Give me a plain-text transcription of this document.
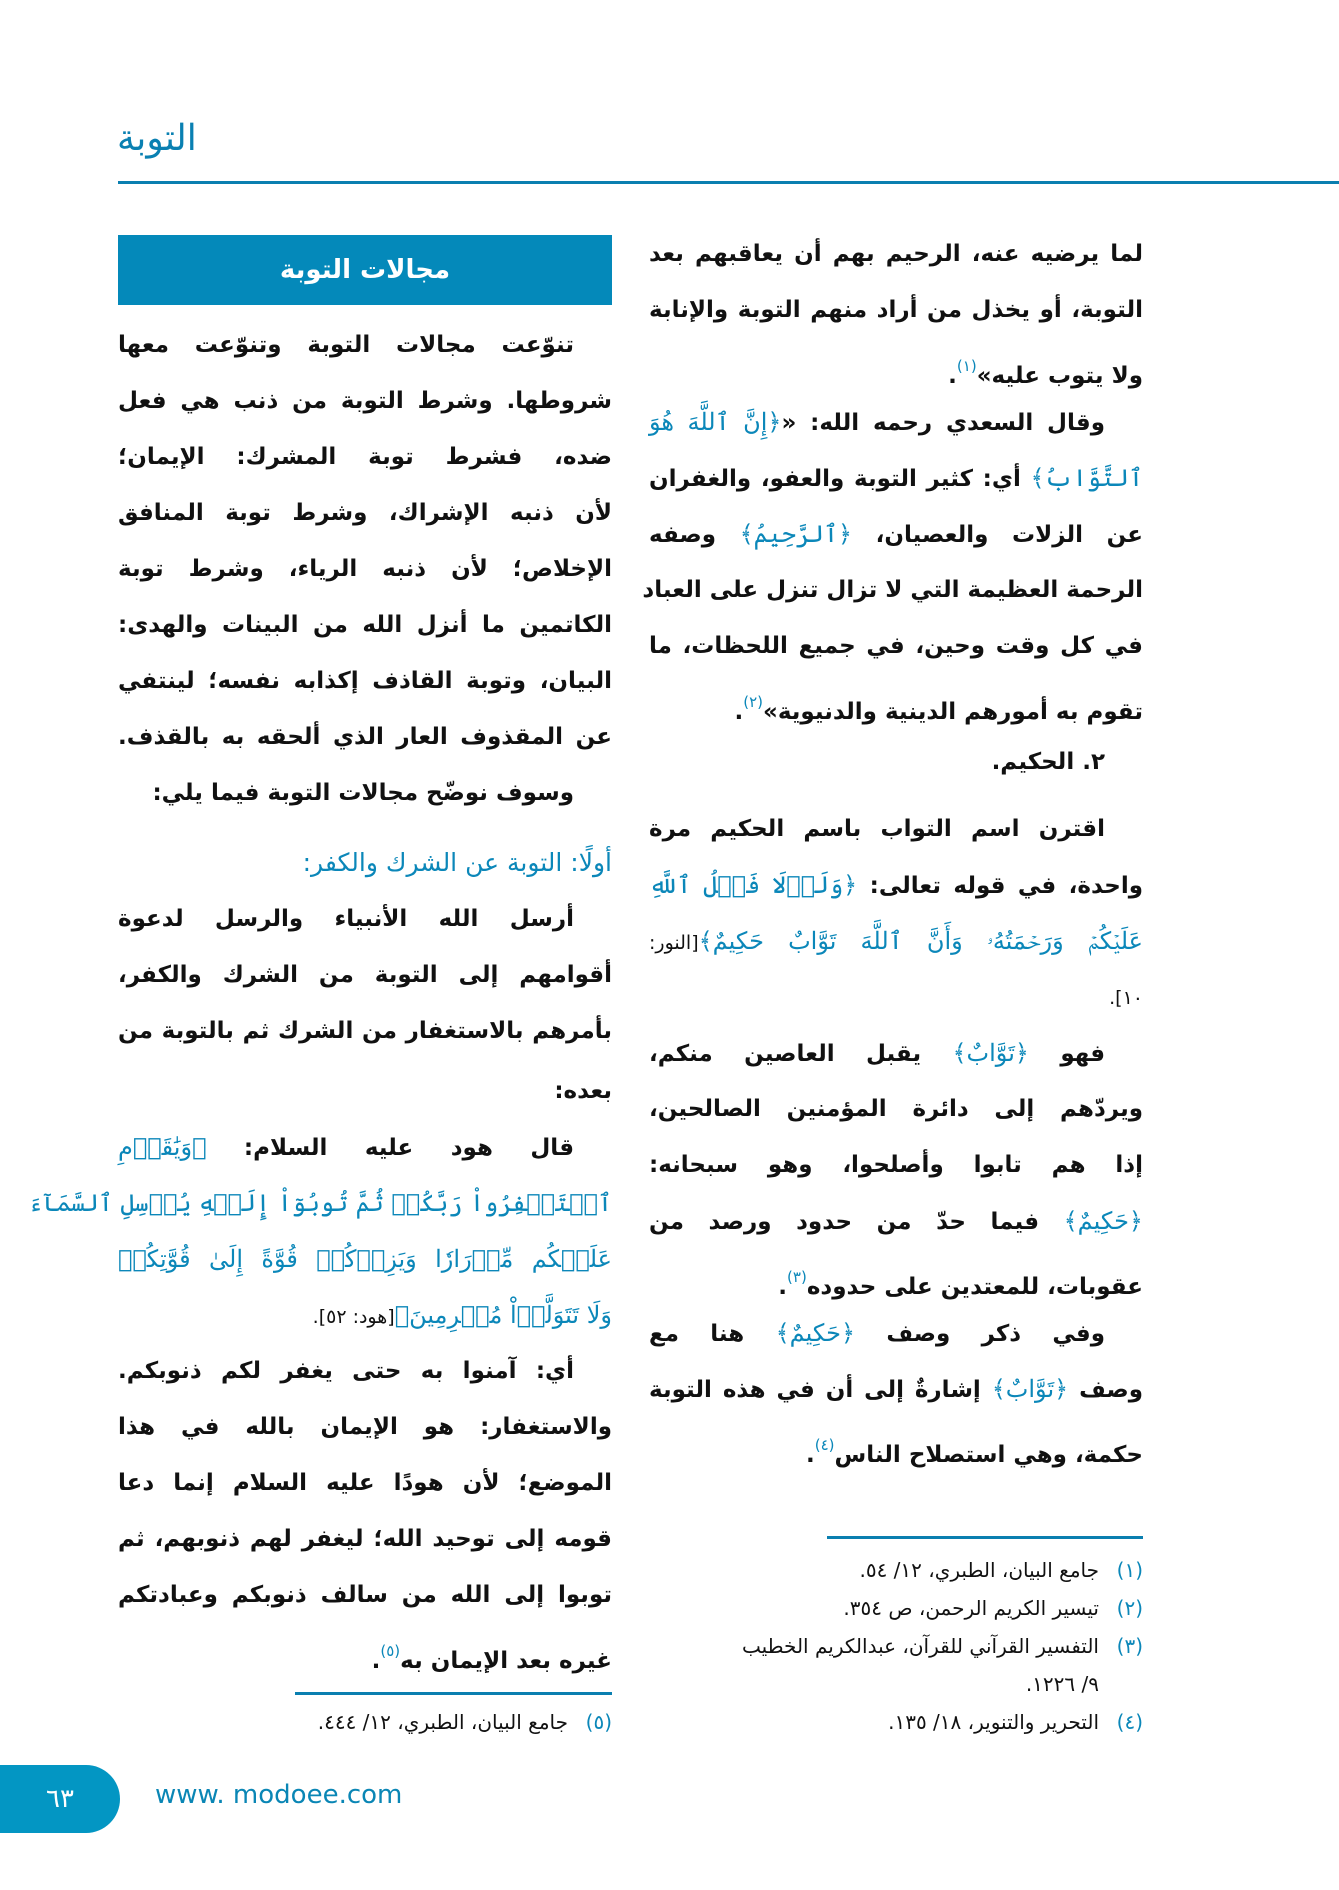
التوبة
مجالات التوبة
تنوّعت مجالات التوبة وتنوّعت معها
شروطها. وشرط التوبة من ذنب هي فعل
ضده، فشرط توبة المشرك: الإيمان؛
لأن ذنبه الإشراك، وشرط توبة المنافق
الإخلاص؛ لأن ذنبه الرياء، وشرط توبة
الكاتمين ما أنزل الله من البينات والهدى:
البيان، وتوبة القاذف إكذابه نفسه؛ لينتفي
عن المقذوف العار الذي ألحقه به بالقذف.
وسوف نوضّح مجالات التوبة فيما يلي:
أولًا: التوبة عن الشرك والكفر:
أرسل الله الأنبياء والرسل لدعوة
أقوامهم إلى التوبة من الشرك والكفر،
بأمرهم بالاستغفار من الشرك ثم بالتوبة من
بعده:
قال هود عليه السلام: ﴿وَيَٰقَوۡمِ
ٱسۡتَغۡفِرُواْ رَبَّكُمۡ ثُمَّ تُوبُوٓاْ إِلَيۡهِ يُرۡسِلِ ٱلسَّمَآءَ
عَلَيۡكُم مِّدۡرَارٗا وَيَزِدۡكُمۡ قُوَّةً إِلَىٰ قُوَّتِكُمۡ
وَلَا تَتَوَلَّوۡاْ مُجۡرِمِينَ﴾[هود: ٥٢].
أي: آمنوا به حتى يغفر لكم ذنوبكم.
والاستغفار: هو الإيمان بالله في هذا
الموضع؛ لأن هودًا عليه السلام إنما دعا
قومه إلى توحيد الله؛ ليغفر لهم ذنوبهم، ثم
توبوا إلى الله من سالف ذنوبكم وعبادتكم
غيره بعد الإيمان به$^{(٥)}$.
لما يرضيه عنه، الرحيم بهم أن يعاقبهم بعد
التوبة، أو يخذل من أراد منهم التوبة والإنابة
ولا يتوب عليه»$^{(١)}$.
وقال السعدي رحمه الله: «﴿إِنَّ ٱللَّهَ هُوَ
ٱلتَّوَّابُ﴾ أي: كثير التوبة والعفو، والغفران
عن الزلات والعصيان، ﴿ٱلرَّحِيمُ﴾ وصفه
الرحمة العظيمة التي لا تزال تنزل على العباد
في كل وقت وحين، في جميع اللحظات، ما
تقوم به أمورهم الدينية والدنيوية»$^{(٢)}$.
٢. الحكيم.
اقترن اسم التواب باسم الحكيم مرة
واحدة، في قوله تعالى: ﴿وَلَوۡلَا فَضۡلُ ٱللَّهِ
عَلَيۡكُمۡ وَرَحۡمَتُهُۥ وَأَنَّ ٱللَّهَ تَوَّابٌ حَكِيمٌ﴾[النور:
١٠].
فهو ﴿تَوَّابٌ﴾ يقبل العاصين منكم،
ويردّهم إلى دائرة المؤمنين الصالحين،
إذا هم تابوا وأصلحوا، وهو سبحانه:
﴿حَكِيمٌ﴾ فيما حدّ من حدود ورصد من
عقوبات، للمعتدين على حدوده$^{(٣)}$.
وفي ذكر وصف ﴿حَكِيمٌ﴾ هنا مع
وصف ﴿تَوَّابٌ﴾ إشارةٌ إلى أن في هذه التوبة
حكمة، وهي استصلاح الناس$^{(٤)}$.
(١)جامع البيان، الطبري، ١٢/ ٥٤.
(٢)تيسير الكريم الرحمن، ص ٣٥٤.
(٣)التفسير القرآني للقرآن، عبدالكريم الخطيب
٩/ ١٢٢٦.
(٤)التحرير والتنوير، ١٨/ ١٣٥.
(٥)جامع البيان، الطبري، ١٢/ ٤٤٤.
٦٣	www. modoee.com
